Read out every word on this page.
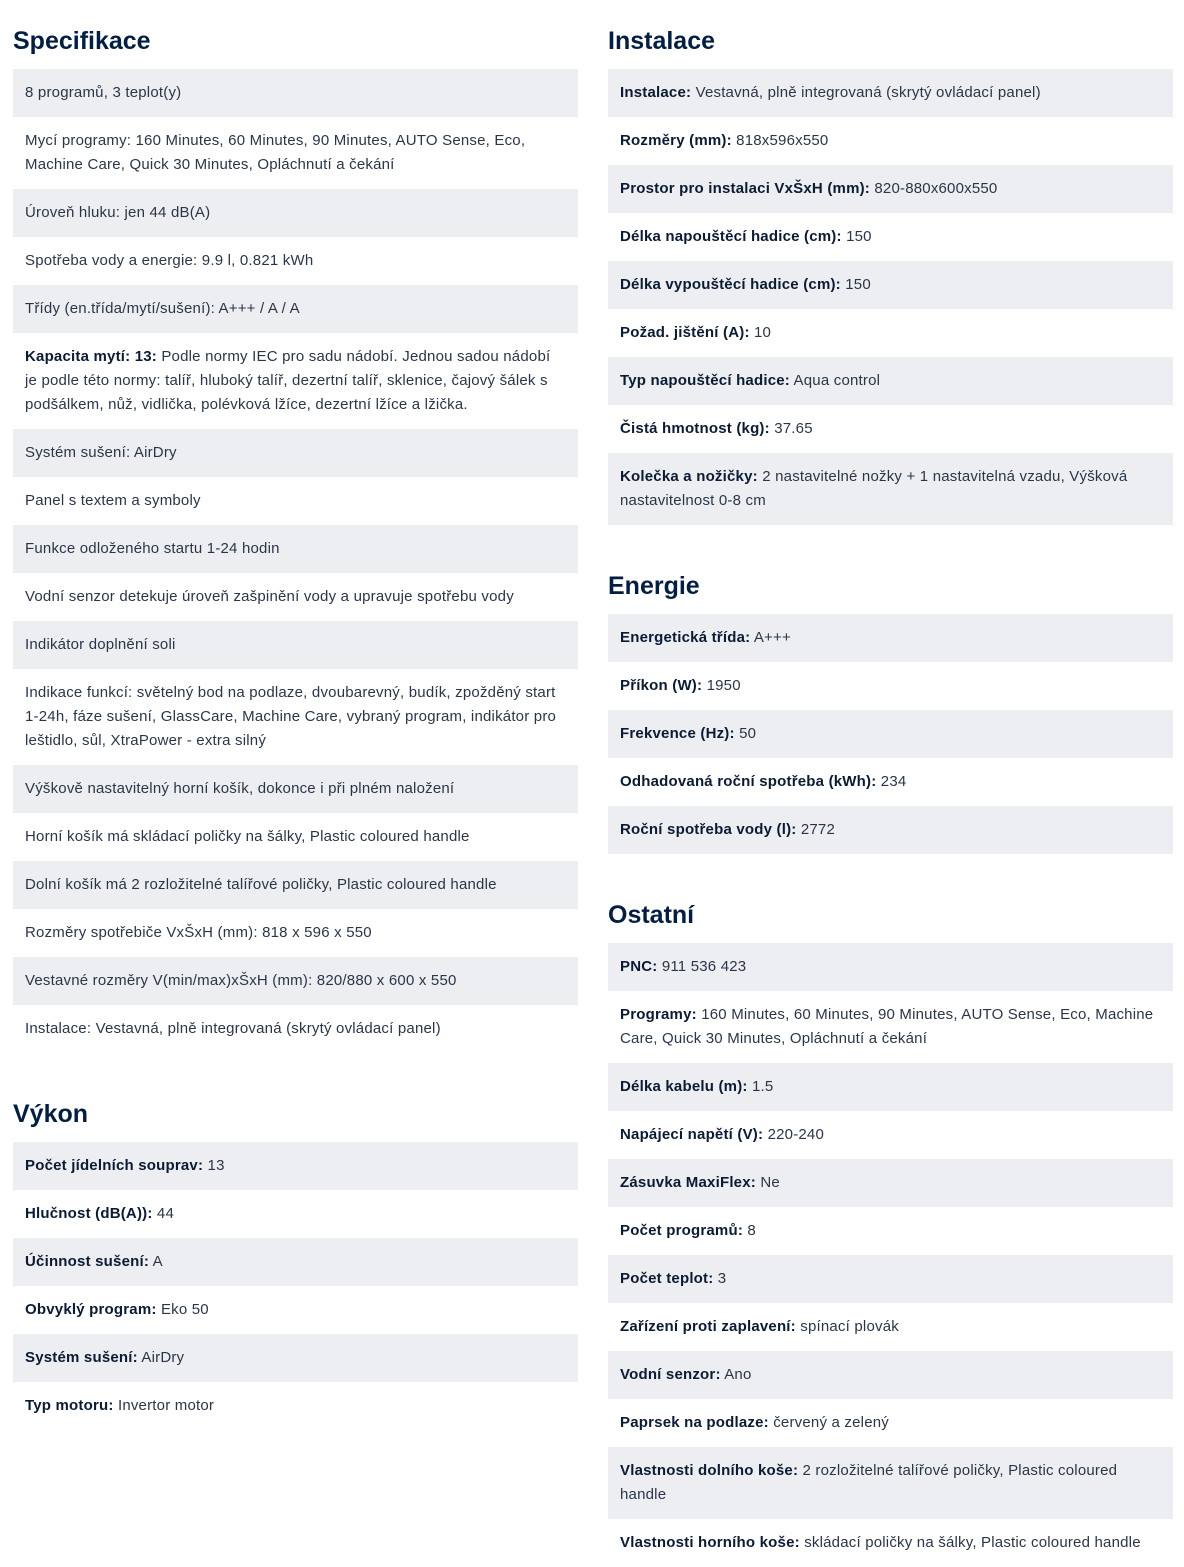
Specifikace
8 programů, 3 teplot(y)
Mycí programy: 160 Minutes, 60 Minutes, 90 Minutes, AUTO Sense, Eco, Machine Care, Quick 30 Minutes, Opláchnutí a čekání
Úroveň hluku: jen 44 dB(A)
Spotřeba vody a energie: 9.9 l, 0.821 kWh
Třídy (en.třída/mytí/sušení): A+++ / A / A
Kapacita mytí: 13: Podle normy IEC pro sadu nádobí. Jednou sadou nádobí je podle této normy: talíř, hluboký talíř, dezertní talíř, sklenice, čajový šálek s podšálkem, nůž, vidlička, polévková lžíce, dezertní lžíce a lžička.
Systém sušení: AirDry
Panel s textem a symboly
Funkce odloženého startu 1-24 hodin
Vodní senzor detekuje úroveň zašpinění vody a upravuje spotřebu vody
Indikátor doplnění soli
Indikace funkcí: světelný bod na podlaze, dvoubarevný, budík, zpožděný start 1-24h, fáze sušení, GlassCare, Machine Care, vybraný program, indikátor pro leštidlo, sůl, XtraPower - extra silný
Výškově nastavitelný horní košík, dokonce i při plném naložení
Horní košík má skládací poličky na šálky, Plastic coloured handle
Dolní košík má 2 rozložitelné talířové poličky, Plastic coloured handle
Rozměry spotřebiče VxŠxH (mm): 818 x 596 x 550
Vestavné rozměry V(min/max)xŠxH (mm): 820/880 x 600 x 550
Instalace: Vestavná, plně integrovaná (skrytý ovládací panel)
Výkon
Počet jídelních souprav: 13
Hlučnost (dB(A)): 44
Účinnost sušení: A
Obvyklý program: Eko 50
Systém sušení: AirDry
Typ motoru: Invertor motor
Instalace
Instalace: Vestavná, plně integrovaná (skrytý ovládací panel)
Rozměry (mm): 818x596x550
Prostor pro instalaci VxŠxH (mm): 820-880x600x550
Délka napouštěcí hadice (cm): 150
Délka vypouštěcí hadice (cm): 150
Požad. jištění (A): 10
Typ napouštěcí hadice: Aqua control
Čistá hmotnost (kg): 37.65
Kolečka a nožičky: 2 nastavitelné nožky + 1 nastavitelná vzadu, Výšková nastavitelnost 0-8 cm
Energie
Energetická třída: A+++
Příkon (W): 1950
Frekvence (Hz): 50
Odhadovaná roční spotřeba (kWh): 234
Roční spotřeba vody (l): 2772
Ostatní
PNC: 911 536 423
Programy: 160 Minutes, 60 Minutes, 90 Minutes, AUTO Sense, Eco, Machine Care, Quick 30 Minutes, Opláchnutí a čekání
Délka kabelu (m): 1.5
Napájecí napětí (V): 220-240
Zásuvka MaxiFlex: Ne
Počet programů: 8
Počet teplot: 3
Zařízení proti zaplavení: spínací plovák
Vodní senzor: Ano
Paprsek na podlaze: červený a zelený
Vlastnosti dolního koše: 2 rozložitelné talířové poličky, Plastic coloured handle
Vlastnosti horního koše: skládací poličky na šálky, Plastic coloured handle
